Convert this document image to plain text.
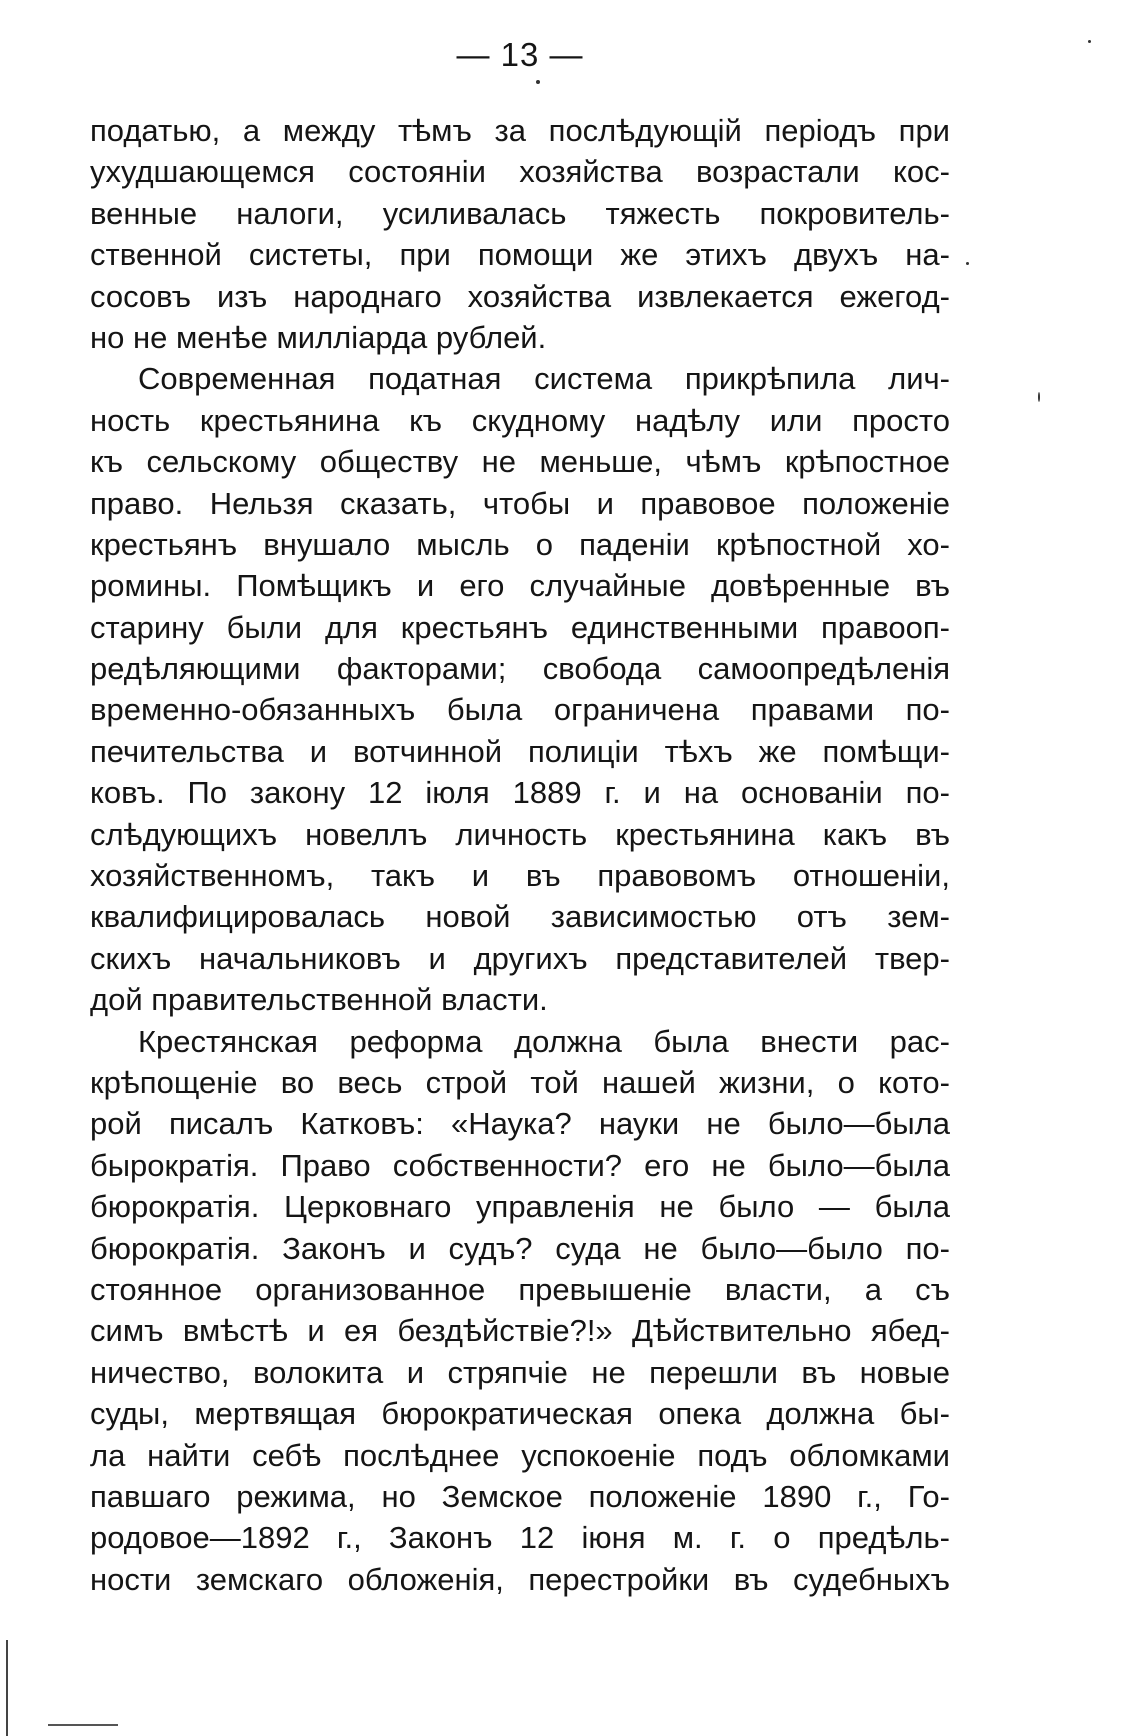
— 13 —
податью, а между тѣмъ за послѣдующій періодъ при
ухудшающемся состояніи хозяйства возрастали кос-
венные налоги, усиливалась тяжесть покровитель-
ственной систеты, при помощи же этихъ двухъ на-
сосовъ изъ народнаго хозяйства извлекается ежегод-
но не менѣе милліарда рублей.
Современная податная система прикрѣпила лич-
ность крестьянина къ скудному надѣлу или просто
къ сельскому обществу не меньше, чѣмъ крѣпостное
право. Нельзя сказать, чтобы и правовое положеніе
крестьянъ внушало мысль о паденіи крѣпостной хо-
ромины. Помѣщикъ и его случайные довѣренные въ
старину были для крестьянъ единственными правооп-
редѣляющими факторами; свобода самоопредѣленія
временно-обязанныхъ была ограничена правами по-
печительства и вотчинной полиціи тѣхъ же помѣщи-
ковъ. По закону 12 іюля 1889 г. и на основаніи по-
слѣдующихъ новеллъ личность крестьянина какъ въ
хозяйственномъ, такъ и въ правовомъ отношеніи,
квалифицировалась новой зависимостью отъ зем-
скихъ начальниковъ и другихъ представителей твер-
дой правительственной власти.
Крестянская реформа должна была внести рас-
крѣпощеніе во весь строй той нашей жизни, о кото-
рой писалъ Катковъ: «Наука? науки не было—была
бырократія. Право собственности? его не было—была
бюрократія. Церковнаго управленія не было — была
бюрократія. Законъ и судъ? суда не было—было по-
стоянное организованное превышеніе власти, а съ
симъ вмѣстѣ и ея бездѣйствіе?!» Дѣйствительно ябед-
ничество, волокита и стряпчіе не перешли въ новые
суды, мертвящая бюрократическая опека должна бы-
ла найти себѣ послѣднее успокоеніе подъ обломками
павшаго режима, но Земское положеніе 1890 г., Го-
родовое—1892 г., Законъ 12 іюня м. г. о предѣль-
ности земскаго обложенія, перестройки въ судебныхъ
